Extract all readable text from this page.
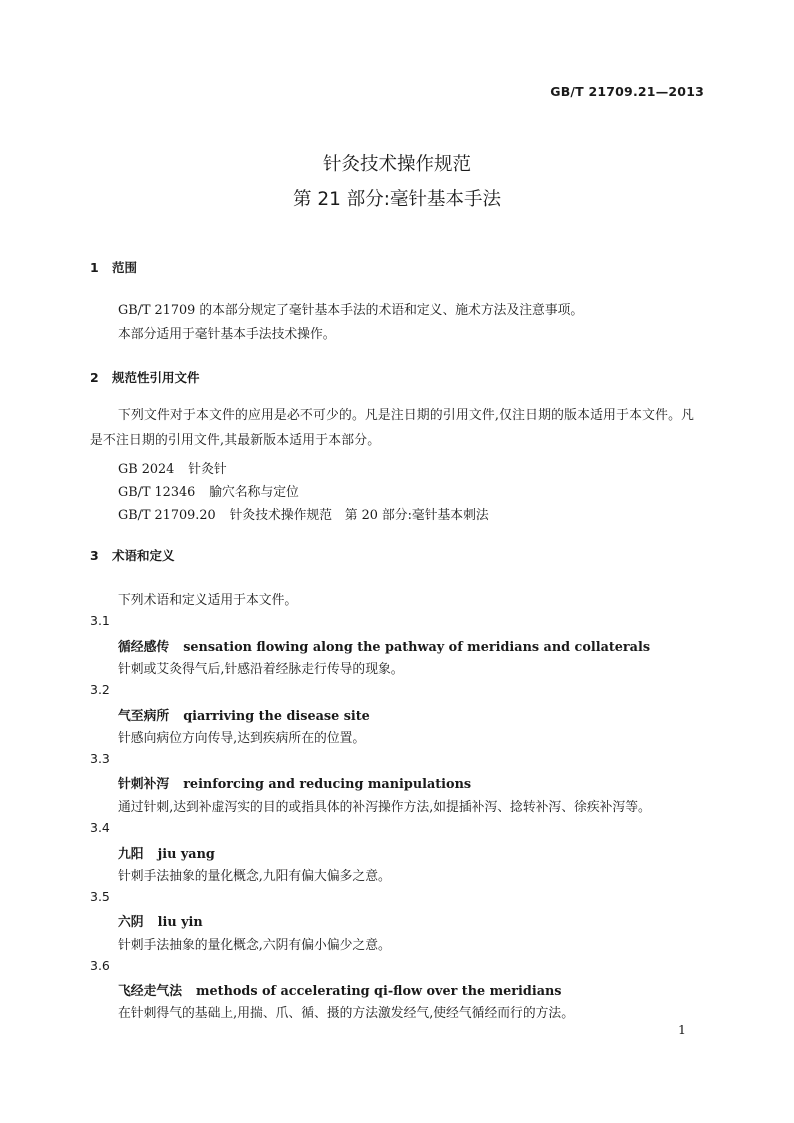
GB/T 21709.21—2013
针灸技术操作规范
第 21 部分:毫针基本手法
1 范围
GB/T 21709 的本部分规定了毫针基本手法的术语和定义、施术方法及注意事项。
本部分适用于毫针基本手法技术操作。
2 规范性引用文件
下列文件对于本文件的应用是必不可少的。凡是注日期的引用文件,仅注日期的版本适用于本文件。凡是不注日期的引用文件,其最新版本适用于本部分。
GB 2024 针灸针
GB/T 12346 腧穴名称与定位
GB/T 21709.20 针灸技术操作规范　第 20 部分:毫针基本刺法
3 术语和定义
下列术语和定义适用于本文件。
3.1
循经感传 sensation flowing along the pathway of meridians and collaterals
针刺或艾灸得气后,针感沿着经脉走行传导的现象。
3.2
气至病所 qiarriving the disease site
针感向病位方向传导,达到疾病所在的位置。
3.3
针刺补泻 reinforcing and reducing manipulations
通过针刺,达到补虚泻实的目的或指具体的补泻操作方法,如提插补泻、捻转补泻、徐疾补泻等。
3.4
九阳 jiu yang
针刺手法抽象的量化概念,九阳有偏大偏多之意。
3.5
六阴 liu yin
针刺手法抽象的量化概念,六阴有偏小偏少之意。
3.6
飞经走气法 methods of accelerating qi-flow over the meridians
在针刺得气的基础上,用揣、爪、循、摄的方法激发经气,使经气循经而行的方法。
1
